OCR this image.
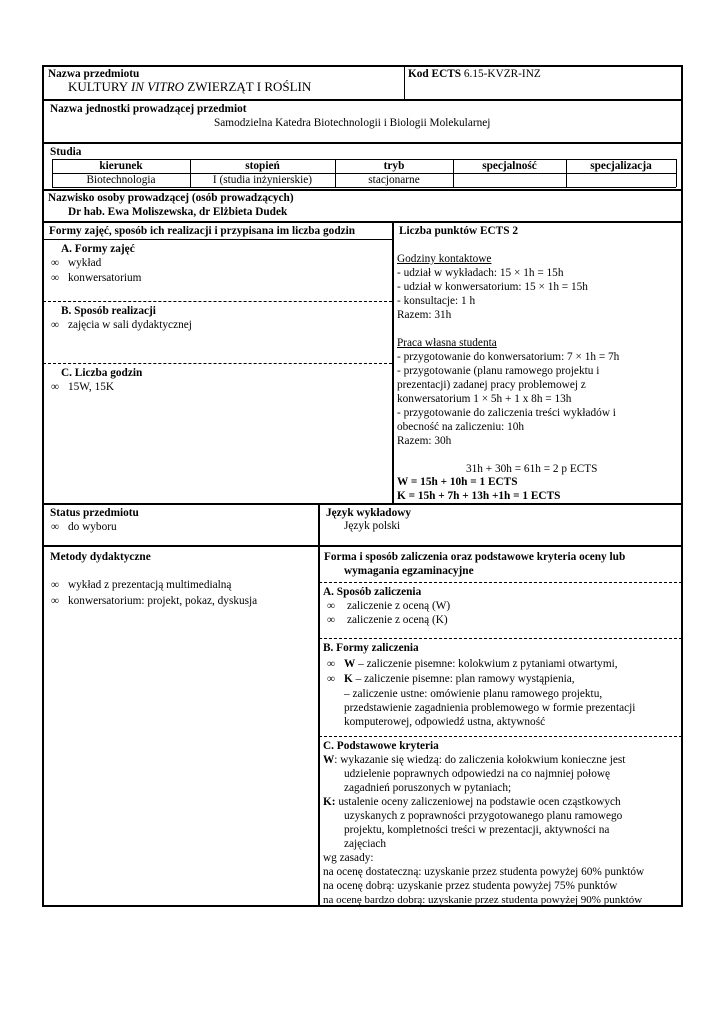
Nazwa przedmiotu
KULTURY IN VITRO ZWIERZĄT I ROŚLIN
Kod ECTS 6.15-KVZR-INZ
Nazwa jednostki prowadzącej przedmiot
Samodzielna Katedra Biotechnologii i Biologii Molekularnej
Studia
kierunek	stopień	tryb	specjalność	specjalizacja
Biotechnologia	I (studia inżynierskie)	stacjonarne
Nazwisko osoby prowadzącej (osób prowadzących)
Dr hab. Ewa Moliszewska, dr Elżbieta Dudek
Formy zajęć, sposób ich realizacji i przypisana im liczba godzin
A. Formy zajęć
∞ wykład
∞ konwersatorium
B. Sposób realizacji
∞ zajęcia w sali dydaktycznej
C. Liczba godzin
∞ 15W, 15K
Liczba punktów ECTS 2
Godziny kontaktowe
- udział w wykładach: 15 × 1h = 15h
- udział w konwersatorium: 15 × 1h = 15h
- konsultacje: 1 h
Razem: 31h
Praca własna studenta
- przygotowanie do konwersatorium: 7 × 1h = 7h
- przygotowanie (planu ramowego projektu i
prezentacji) zadanej pracy problemowej z
konwersatorium 1 × 5h + 1 x 8h = 13h
- przygotowanie do zaliczenia treści wykładów i
obecność na zaliczeniu: 10h
Razem: 30h
31h + 30h = 61h = 2 p ECTS
W = 15h + 10h = 1 ECTS
K = 15h + 7h + 13h +1h = 1 ECTS
Status przedmiotu
∞ do wyboru
Język wykładowy
Język polski
Metody dydaktyczne
∞ wykład z prezentacją multimedialną
∞ konwersatorium: projekt, pokaz, dyskusja
Forma i sposób zaliczenia oraz podstawowe kryteria oceny lub
wymagania egzaminacyjne
A. Sposób zaliczenia
∞ zaliczenie z oceną (W)
∞ zaliczenie z oceną (K)
B. Formy zaliczenia
∞ W – zaliczenie pisemne: kolokwium z pytaniami otwartymi,
∞ K – zaliczenie pisemne: plan ramowy wystąpienia,
– zaliczenie ustne: omówienie planu ramowego projektu,
przedstawienie zagadnienia problemowego w formie prezentacji
komputerowej, odpowiedź ustna, aktywność
C. Podstawowe kryteria
W: wykazanie się wiedzą: do zaliczenia kołokwium konieczne jest
udzielenie poprawnych odpowiedzi na co najmniej połowę
zagadnień poruszonych w pytaniach;
K: ustalenie oceny zaliczeniowej na podstawie ocen cząstkowych
uzyskanych z poprawności przygotowanego planu ramowego
projektu, kompletności treści w prezentacji, aktywności na
zajęciach
wg zasady:
na ocenę dostateczną: uzyskanie przez studenta powyżej 60% punktów
na ocenę dobrą: uzyskanie przez studenta powyżej 75% punktów
na ocenę bardzo dobrą: uzyskanie przez studenta powyżej 90% punktów
